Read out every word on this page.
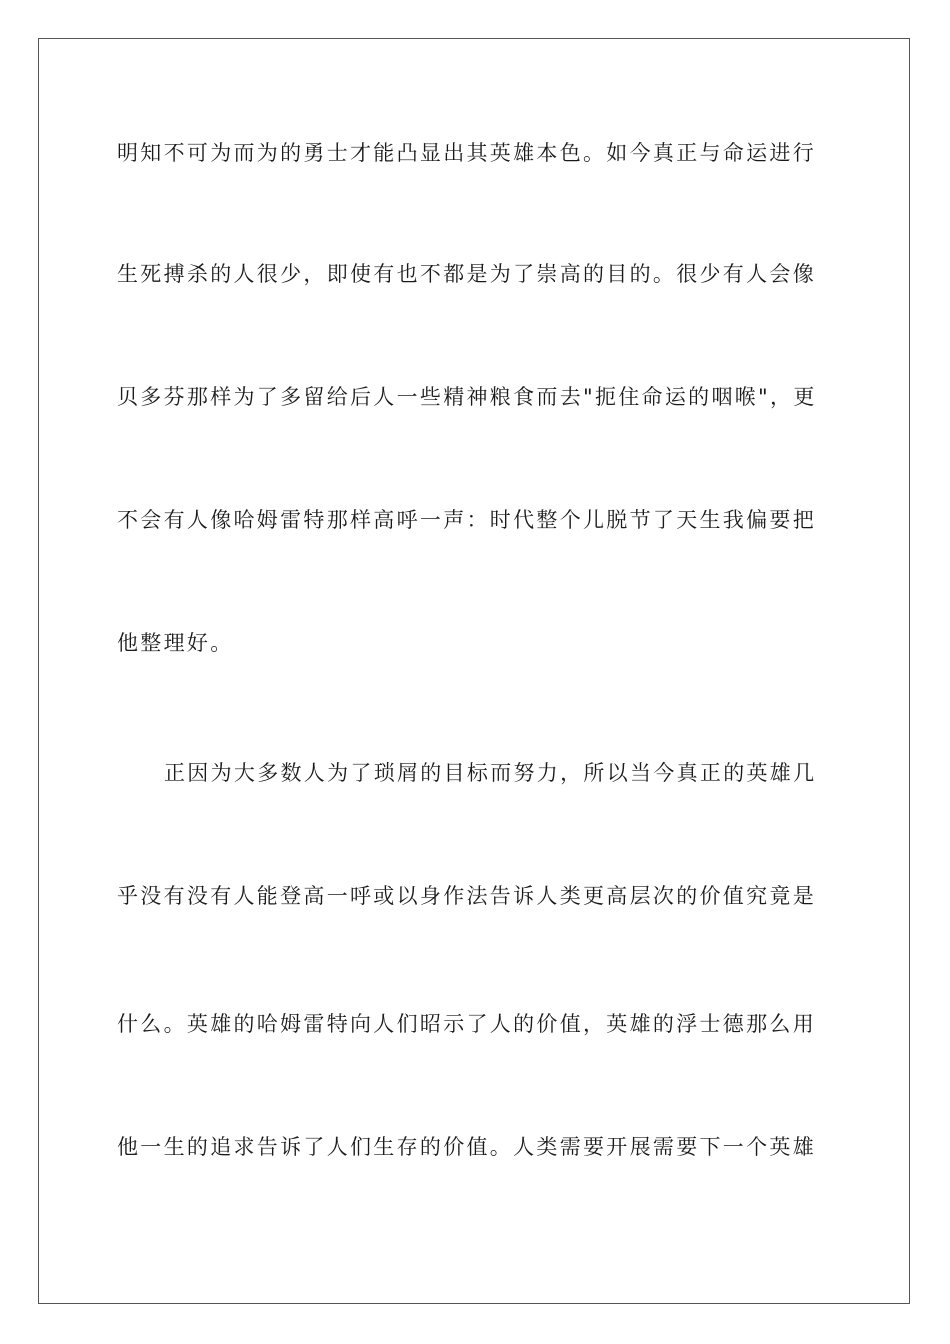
明知不可为而为的勇士才能凸显出其英雄本色。如今真正与命运进行
生死搏杀的人很少，即使有也不都是为了崇高的目的。很少有人会像
贝多芬那样为了多留给后人一些精神粮食而去"扼住命运的咽喉"，更
不会有人像哈姆雷特那样高呼一声：时代整个儿脱节了天生我偏要把
他整理好。
正因为大多数人为了琐屑的目标而努力，所以当今真正的英雄几
乎没有没有人能登高一呼或以身作法告诉人类更高层次的价值究竟是
什么。英雄的哈姆雷特向人们昭示了人的价值，英雄的浮士德那么用
他一生的追求告诉了人们生存的价值。人类需要开展需要下一个英雄
